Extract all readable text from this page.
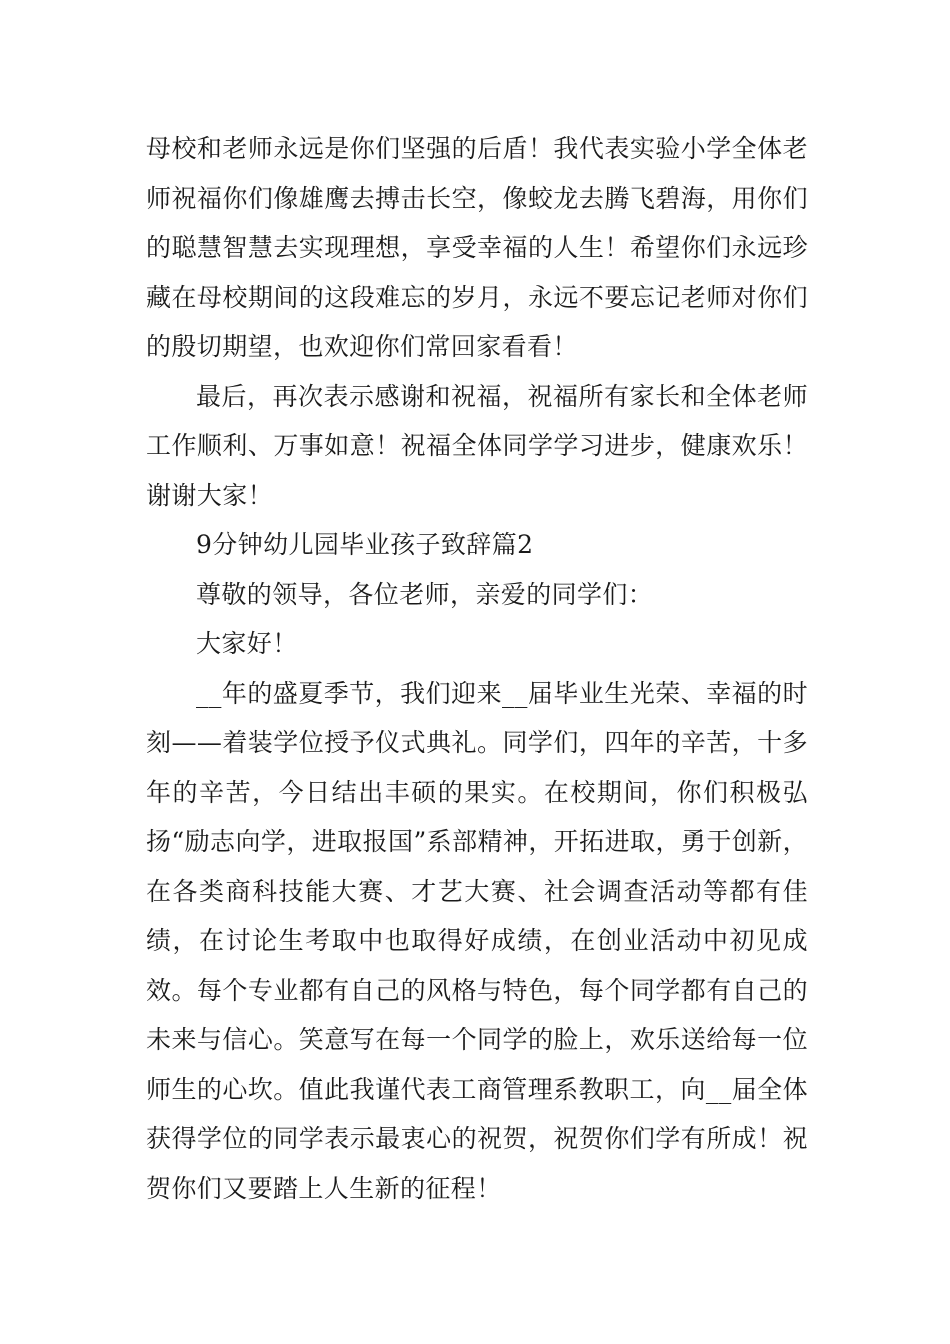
母校和老师永远是你们坚强的后盾！我代表实验小学全体老师祝福你们像雄鹰去搏击长空，像蛟龙去腾飞碧海，用你们的聪慧智慧去实现理想，享受幸福的人生！希望你们永远珍藏在母校期间的这段难忘的岁月，永远不要忘记老师对你们的殷切期望，也欢迎你们常回家看看！

最后，再次表示感谢和祝福，祝福所有家长和全体老师工作顺利、万事如意！祝福全体同学学习进步，健康欢乐！谢谢大家！

9分钟幼儿园毕业孩子致辞篇2

尊敬的领导，各位老师，亲爱的同学们：

大家好！

__年的盛夏季节，我们迎来__届毕业生光荣、幸福的时刻——着装学位授予仪式典礼。同学们，四年的辛苦，十多年的辛苦，今日结出丰硕的果实。在校期间，你们积极弘扬“励志向学，进取报国”系部精神，开拓进取，勇于创新，在各类商科技能大赛、才艺大赛、社会调查活动等都有佳绩，在讨论生考取中也取得好成绩，在创业活动中初见成效。每个专业都有自己的风格与特色，每个同学都有自己的未来与信心。笑意写在每一个同学的脸上，欢乐送给每一位师生的心坎。值此我谨代表工商管理系教职工，向__届全体获得学位的同学表示最衷心的祝贺，祝贺你们学有所成！祝贺你们又要踏上人生新的征程！
